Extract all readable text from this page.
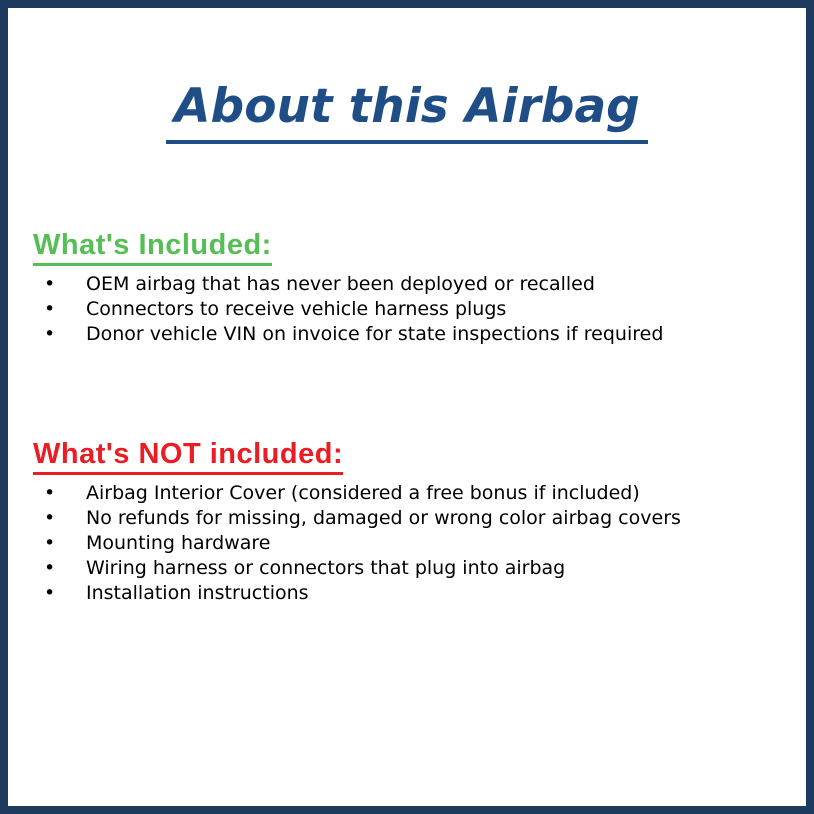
About this Airbag
What's Included:
• OEM airbag that has never been deployed or recalled
• Connectors to receive vehicle harness plugs
• Donor vehicle VIN on invoice for state inspections if required
What's NOT included:
• Airbag Interior Cover (considered a free bonus if included)
• No refunds for missing, damaged or wrong color airbag covers
• Mounting hardware
• Wiring harness or connectors that plug into airbag
• Installation instructions
